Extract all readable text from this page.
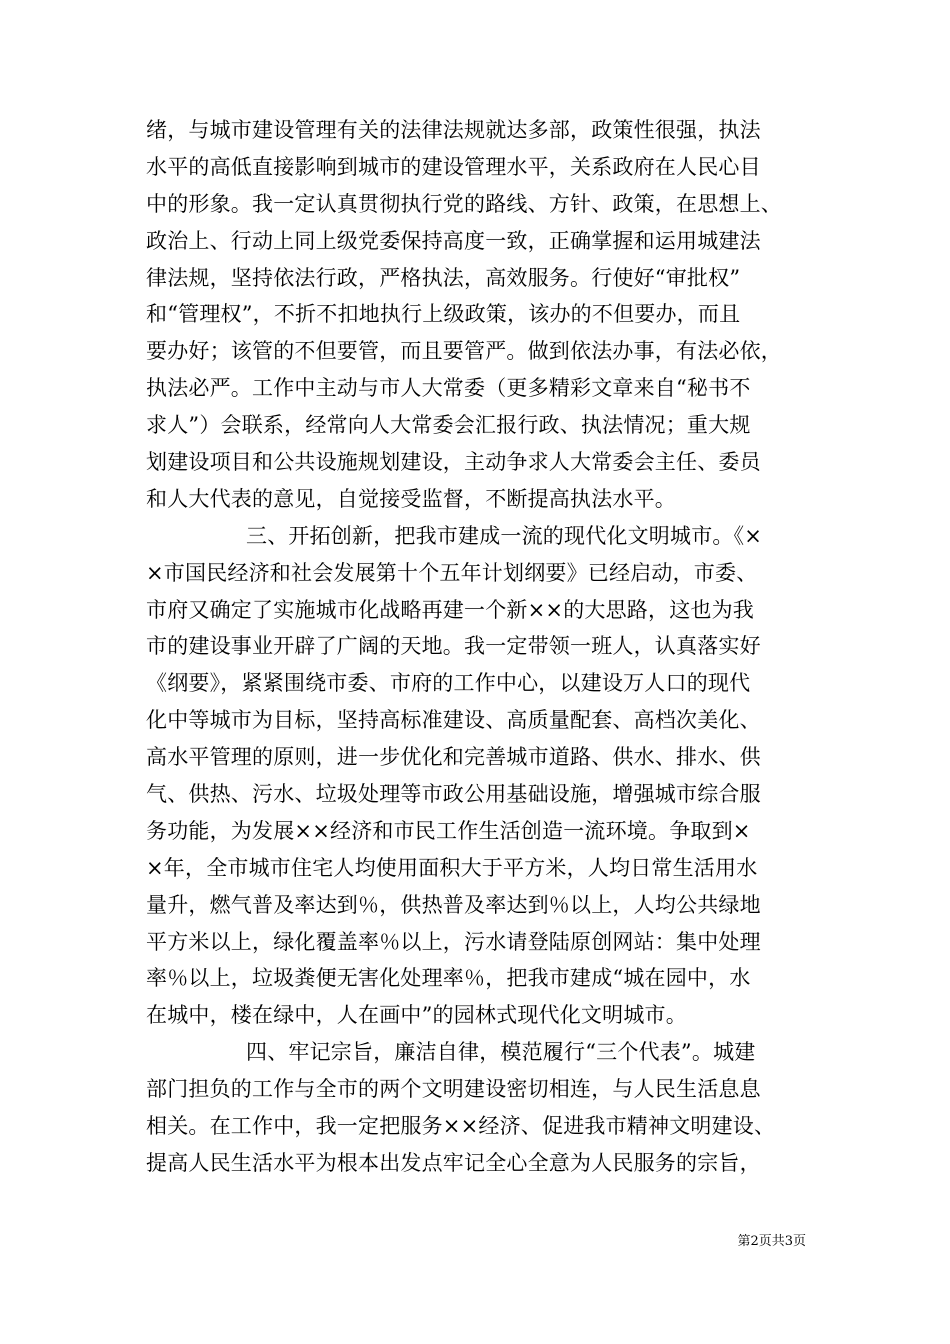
绪，与城市建设管理有关的法律法规就达多部，政策性很强，执法
水平的高低直接影响到城市的建设管理水平，关系政府在人民心目
中的形象。我一定认真贯彻执行党的路线、方针、政策，在思想上、
政治上、行动上同上级党委保持高度一致，正确掌握和运用城建法
律法规，坚持依法行政，严格执法，高效服务。行使好“审批权”
和“管理权”，不折不扣地执行上级政策，该办的不但要办，而且
要办好；该管的不但要管，而且要管严。做到依法办事，有法必依，
执法必严。工作中主动与市人大常委（更多精彩文章来自“秘书不
求人”）会联系，经常向人大常委会汇报行政、执法情况；重大规
划建设项目和公共设施规划建设，主动争求人大常委会主任、委员
和人大代表的意见，自觉接受监督，不断提高执法水平。
三、开拓创新，把我市建成一流的现代化文明城市。《×
×市国民经济和社会发展第十个五年计划纲要》已经启动，市委、
市府又确定了实施城市化战略再建一个新××的大思路，这也为我
市的建设事业开辟了广阔的天地。我一定带领一班人，认真落实好
《纲要》，紧紧围绕市委、市府的工作中心，以建设万人口的现代
化中等城市为目标，坚持高标准建设、高质量配套、高档次美化、
高水平管理的原则，进一步优化和完善城市道路、供水、排水、供
气、供热、污水、垃圾处理等市政公用基础设施，增强城市综合服
务功能，为发展××经济和市民工作生活创造一流环境。争取到×
×年，全市城市住宅人均使用面积大于平方米，人均日常生活用水
量升，燃气普及率达到％，供热普及率达到％以上，人均公共绿地
平方米以上，绿化覆盖率％以上，污水请登陆原创网站：集中处理
率％以上，垃圾粪便无害化处理率％，把我市建成“城在园中，水
在城中，楼在绿中，人在画中”的园林式现代化文明城市。
四、牢记宗旨，廉洁自律，模范履行“三个代表”。城建
部门担负的工作与全市的两个文明建设密切相连，与人民生活息息
相关。在工作中，我一定把服务××经济、促进我市精神文明建设、
提高人民生活水平为根本出发点牢记全心全意为人民服务的宗旨，
第2页共3页
